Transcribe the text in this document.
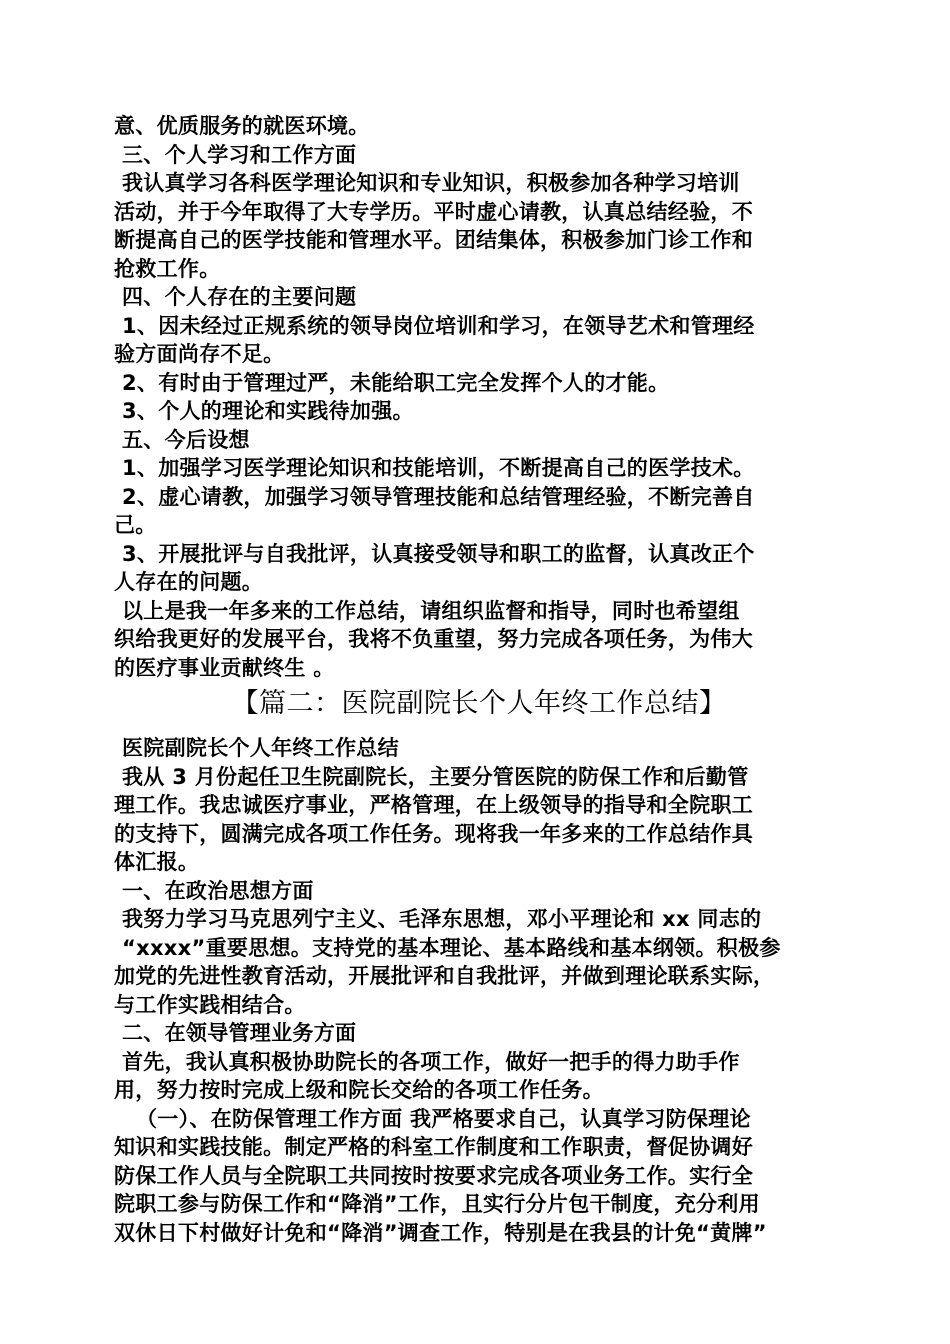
意、优质服务的就医环境。
三、个人学习和工作方面
我认真学习各科医学理论知识和专业知识，积极参加各种学习培训
活动，并于今年取得了大专学历。平时虚心请教，认真总结经验，不
断提高自己的医学技能和管理水平。团结集体，积极参加门诊工作和
抢救工作。
四、个人存在的主要问题
1、因未经过正规系统的领导岗位培训和学习，在领导艺术和管理经
验方面尚存不足。
2、有时由于管理过严，未能给职工完全发挥个人的才能。
3、个人的理论和实践待加强。
五、今后设想
1、加强学习医学理论知识和技能培训，不断提高自己的医学技术。
2、虚心请教，加强学习领导管理技能和总结管理经验，不断完善自
己。
3、开展批评与自我批评，认真接受领导和职工的监督，认真改正个
人存在的问题。
以上是我一年多来的工作总结，请组织监督和指导，同时也希望组
织给我更好的发展平台，我将不负重望，努力完成各项任务，为伟大
的医疗事业贡献终生 。
【篇二：医院副院长个人年终工作总结】
医院副院长个人年终工作总结
我从 3 月份起任卫生院副院长，主要分管医院的防保工作和后勤管
理工作。我忠诚医疗事业，严格管理，在上级领导的指导和全院职工
的支持下，圆满完成各项工作任务。现将我一年多来的工作总结作具
体汇报。
一、在政治思想方面
我努力学习马克思列宁主义、毛泽东思想，邓小平理论和 xx 同志的
“xxxx”重要思想。支持党的基本理论、基本路线和基本纲领。积极参
加党的先进性教育活动，开展批评和自我批评，并做到理论联系实际，
与工作实践相结合。
二、在领导管理业务方面
首先，我认真积极协助院长的各项工作，做好一把手的得力助手作
用，努力按时完成上级和院长交给的各项工作任务。
（一）、在防保管理工作方面 我严格要求自己，认真学习防保理论
知识和实践技能。制定严格的科室工作制度和工作职责，督促协调好
防保工作人员与全院职工共同按时按要求完成各项业务工作。实行全
院职工参与防保工作和“降消”工作，且实行分片包干制度，充分利用
双休日下村做好计免和“降消”调查工作，特别是在我县的计免“黄牌”
